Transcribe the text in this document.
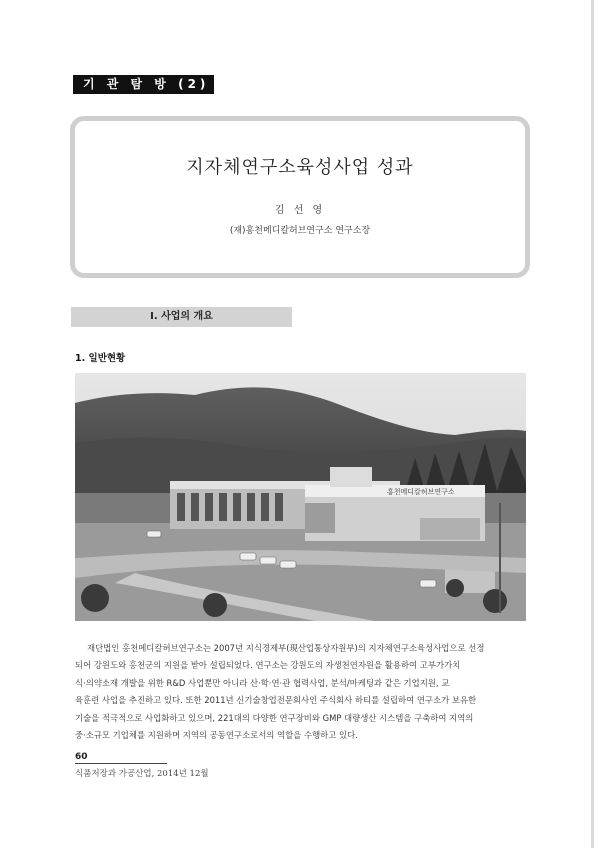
기 관 탐 방 (2)
지자체연구소육성사업 성과
김 선 영
(재)홍천메디칼허브연구소 연구소장
Ⅰ. 사업의 개요
1. 일반현황
홍천메디칼허브연구소
재단법인 홍천메디칼허브연구소는 2007년 지식경제부(現산업통상자원부)의 지자체연구소육성사업으로 선정
되어 강원도와 홍천군의 지원을 받아 설립되었다. 연구소는 강원도의 자생천연자원을 활용하여 고부가가치
식·의약소재 개발을 위한 R&D 사업뿐만 아니라 산·학·연·관 협력사업, 분석/마케팅과 같은 기업지원, 교
육훈련 사업을 추진하고 있다. 또한 2011년 신기술창업전문회사인 주식회사 하티를 설립하여 연구소가 보유한
기술을 적극적으로 사업화하고 있으며, 221대의 다양한 연구장비와 GMP 대량생산 시스템을 구축하여 지역의
중·소규모 기업체를 지원하며 지역의 공동연구소로서의 역할을 수행하고 있다.
60
식품저장과 가공산업, 2014년 12월
